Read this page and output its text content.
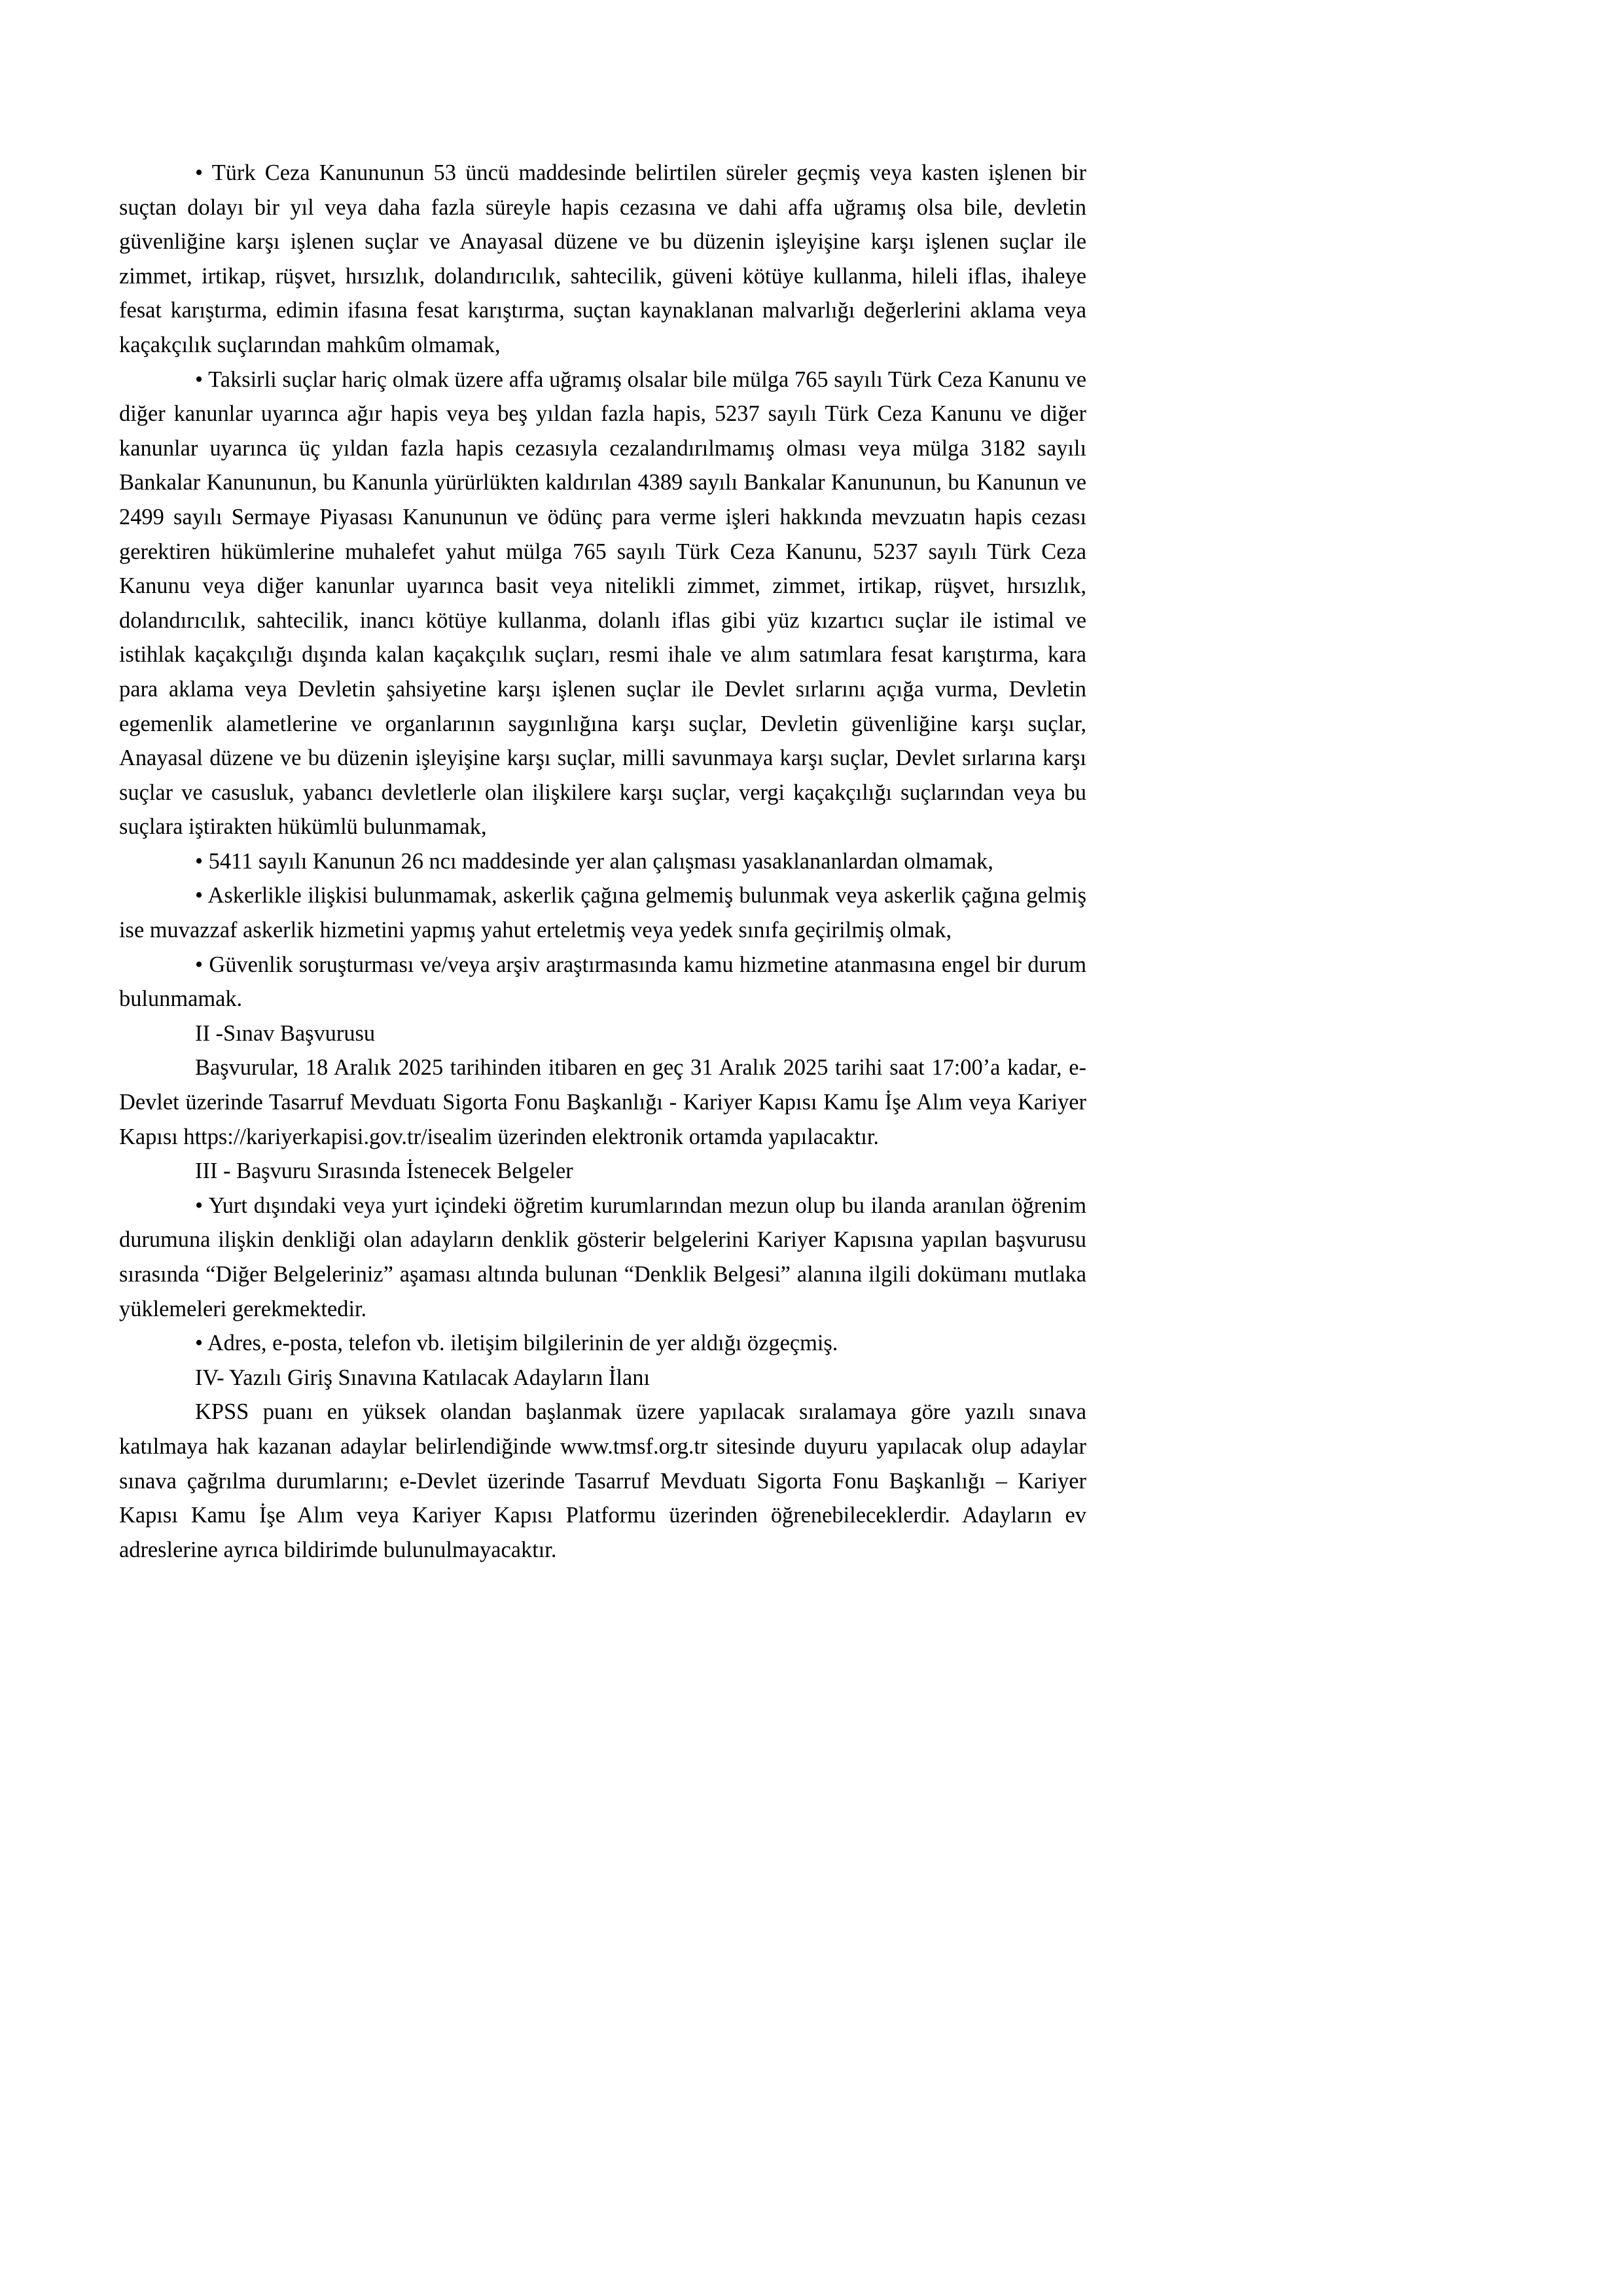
• Türk Ceza Kanununun 53 üncü maddesinde belirtilen süreler geçmiş veya kasten işlenen bir suçtan dolayı bir yıl veya daha fazla süreyle hapis cezasına ve dahi affa uğramış olsa bile, devletin güvenliğine karşı işlenen suçlar ve Anayasal düzene ve bu düzenin işleyişine karşı işlenen suçlar ile zimmet, irtikap, rüşvet, hırsızlık, dolandırıcılık, sahtecilik, güveni kötüye kullanma, hileli iflas, ihaleye fesat karıştırma, edimin ifasına fesat karıştırma, suçtan kaynaklanan malvarlığı değerlerini aklama veya kaçakçılık suçlarından mahkûm olmamak,

• Taksirli suçlar hariç olmak üzere affa uğramış olsalar bile mülga 765 sayılı Türk Ceza Kanunu ve diğer kanunlar uyarınca ağır hapis veya beş yıldan fazla hapis, 5237 sayılı Türk Ceza Kanunu ve diğer kanunlar uyarınca üç yıldan fazla hapis cezasıyla cezalandırılmamış olması veya mülga 3182 sayılı Bankalar Kanununun, bu Kanunla yürürlükten kaldırılan 4389 sayılı Bankalar Kanununun, bu Kanunun ve 2499 sayılı Sermaye Piyasası Kanununun ve ödünç para verme işleri hakkında mevzuatın hapis cezası gerektiren hükümlerine muhalefet yahut mülga 765 sayılı Türk Ceza Kanunu, 5237 sayılı Türk Ceza Kanunu veya diğer kanunlar uyarınca basit veya nitelikli zimmet, zimmet, irtikap, rüşvet, hırsızlık, dolandırıcılık, sahtecilik, inancı kötüye kullanma, dolanlı iflas gibi yüz kızartıcı suçlar ile istimal ve istihlak kaçakçılığı dışında kalan kaçakçılık suçları, resmi ihale ve alım satımlara fesat karıştırma, kara para aklama veya Devletin şahsiyetine karşı işlenen suçlar ile Devlet sırlarını açığa vurma, Devletin egemenlik alametlerine ve organlarının saygınlığına karşı suçlar, Devletin güvenliğine karşı suçlar, Anayasal düzene ve bu düzenin işleyişine karşı suçlar, milli savunmaya karşı suçlar, Devlet sırlarına karşı suçlar ve casusluk, yabancı devletlerle olan ilişkilere karşı suçlar, vergi kaçakçılığı suçlarından veya bu suçlara iştirakten hükümlü bulunmamak,

• 5411 sayılı Kanunun 26 ncı maddesinde yer alan çalışması yasaklananlardan olmamak,

• Askerlikle ilişkisi bulunmamak, askerlik çağına gelmemiş bulunmak veya askerlik çağına gelmiş ise muvazzaf askerlik hizmetini yapmış yahut erteletmiş veya yedek sınıfa geçirilmiş olmak,

• Güvenlik soruşturması ve/veya arşiv araştırmasında kamu hizmetine atanmasına engel bir durum bulunmamak.

II -Sınav Başvurusu

Başvurular, 18 Aralık 2025 tarihinden itibaren en geç 31 Aralık 2025 tarihi saat 17:00’a kadar, e-Devlet üzerinde Tasarruf Mevduatı Sigorta Fonu Başkanlığı - Kariyer Kapısı Kamu İşe Alım veya Kariyer Kapısı https://kariyerkapisi.gov.tr/isealim üzerinden elektronik ortamda yapılacaktır.

III - Başvuru Sırasında İstenecek Belgeler

• Yurt dışındaki veya yurt içindeki öğretim kurumlarından mezun olup bu ilanda aranılan öğrenim durumuna ilişkin denkliği olan adayların denklik gösterir belgelerini Kariyer Kapısına yapılan başvurusu sırasında “Diğer Belgeleriniz” aşaması altında bulunan “Denklik Belgesi” alanına ilgili dokümanı mutlaka yüklemeleri gerekmektedir.

• Adres, e-posta, telefon vb. iletişim bilgilerinin de yer aldığı özgeçmiş.

IV- Yazılı Giriş Sınavına Katılacak Adayların İlanı

KPSS puanı en yüksek olandan başlanmak üzere yapılacak sıralamaya göre yazılı sınava katılmaya hak kazanan adaylar belirlendiğinde www.tmsf.org.tr sitesinde duyuru yapılacak olup adaylar sınava çağrılma durumlarını; e-Devlet üzerinde Tasarruf Mevduatı Sigorta Fonu Başkanlığı – Kariyer Kapısı Kamu İşe Alım veya Kariyer Kapısı Platformu üzerinden öğrenebileceklerdir. Adayların ev adreslerine ayrıca bildirimde bulunulmayacaktır.
